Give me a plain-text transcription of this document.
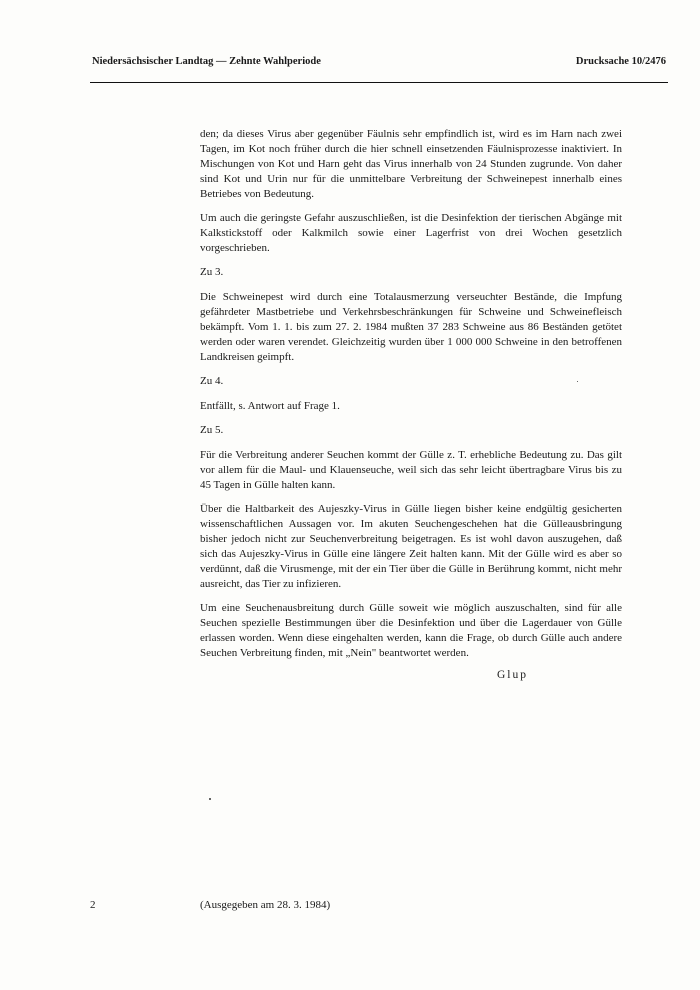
Niedersächsischer Landtag — Zehnte Wahlperiode	Drucksache 10/2476

den; da dieses Virus aber gegenüber Fäulnis sehr empfindlich ist, wird es im Harn nach zwei Tagen, im Kot noch früher durch die hier schnell einsetzenden Fäulnisprozesse inaktiviert. In Mischungen von Kot und Harn geht das Virus innerhalb von 24 Stunden zugrunde. Von daher sind Kot und Urin nur für die unmittelbare Verbreitung der Schweinepest innerhalb eines Betriebes von Bedeutung.

Um auch die geringste Gefahr auszuschließen, ist die Desinfektion der tierischen Abgänge mit Kalkstickstoff oder Kalkmilch sowie einer Lagerfrist von drei Wochen gesetzlich vorgeschrieben.

Zu 3.

Die Schweinepest wird durch eine Totalausmerzung verseuchter Bestände, die Impfung gefährdeter Mastbetriebe und Verkehrsbeschränkungen für Schweine und Schweinefleisch bekämpft. Vom 1. 1. bis zum 27. 2. 1984 mußten 37 283 Schweine aus 86 Beständen getötet werden oder waren verendet. Gleichzeitig wurden über 1 000 000 Schweine in den betroffenen Landkreisen geimpft.

Zu 4.

Entfällt, s. Antwort auf Frage 1.

Zu 5.

Für die Verbreitung anderer Seuchen kommt der Gülle z. T. erhebliche Bedeutung zu. Das gilt vor allem für die Maul- und Klauenseuche, weil sich das sehr leicht übertragbare Virus bis zu 45 Tagen in Gülle halten kann.

Über die Haltbarkeit des Aujeszky-Virus in Gülle liegen bisher keine endgültig gesicherten wissenschaftlichen Aussagen vor. Im akuten Seuchengeschehen hat die Gülleausbringung bisher jedoch nicht zur Seuchenverbreitung beigetragen. Es ist wohl davon auszugehen, daß sich das Aujeszky-Virus in Gülle eine längere Zeit halten kann. Mit der Gülle wird es aber so verdünnt, daß die Virusmenge, mit der ein Tier über die Gülle in Berührung kommt, nicht mehr ausreicht, das Tier zu infizieren.

Um eine Seuchenausbreitung durch Gülle soweit wie möglich auszuschalten, sind für alle Seuchen spezielle Bestimmungen über die Desinfektion und über die Lagerdauer von Gülle erlassen worden. Wenn diese eingehalten werden, kann die Frage, ob durch Gülle auch andere Seuchen Verbreitung finden, mit „Nein" beantwortet werden.

Glup
2	(Ausgegeben am 28. 3. 1984)
